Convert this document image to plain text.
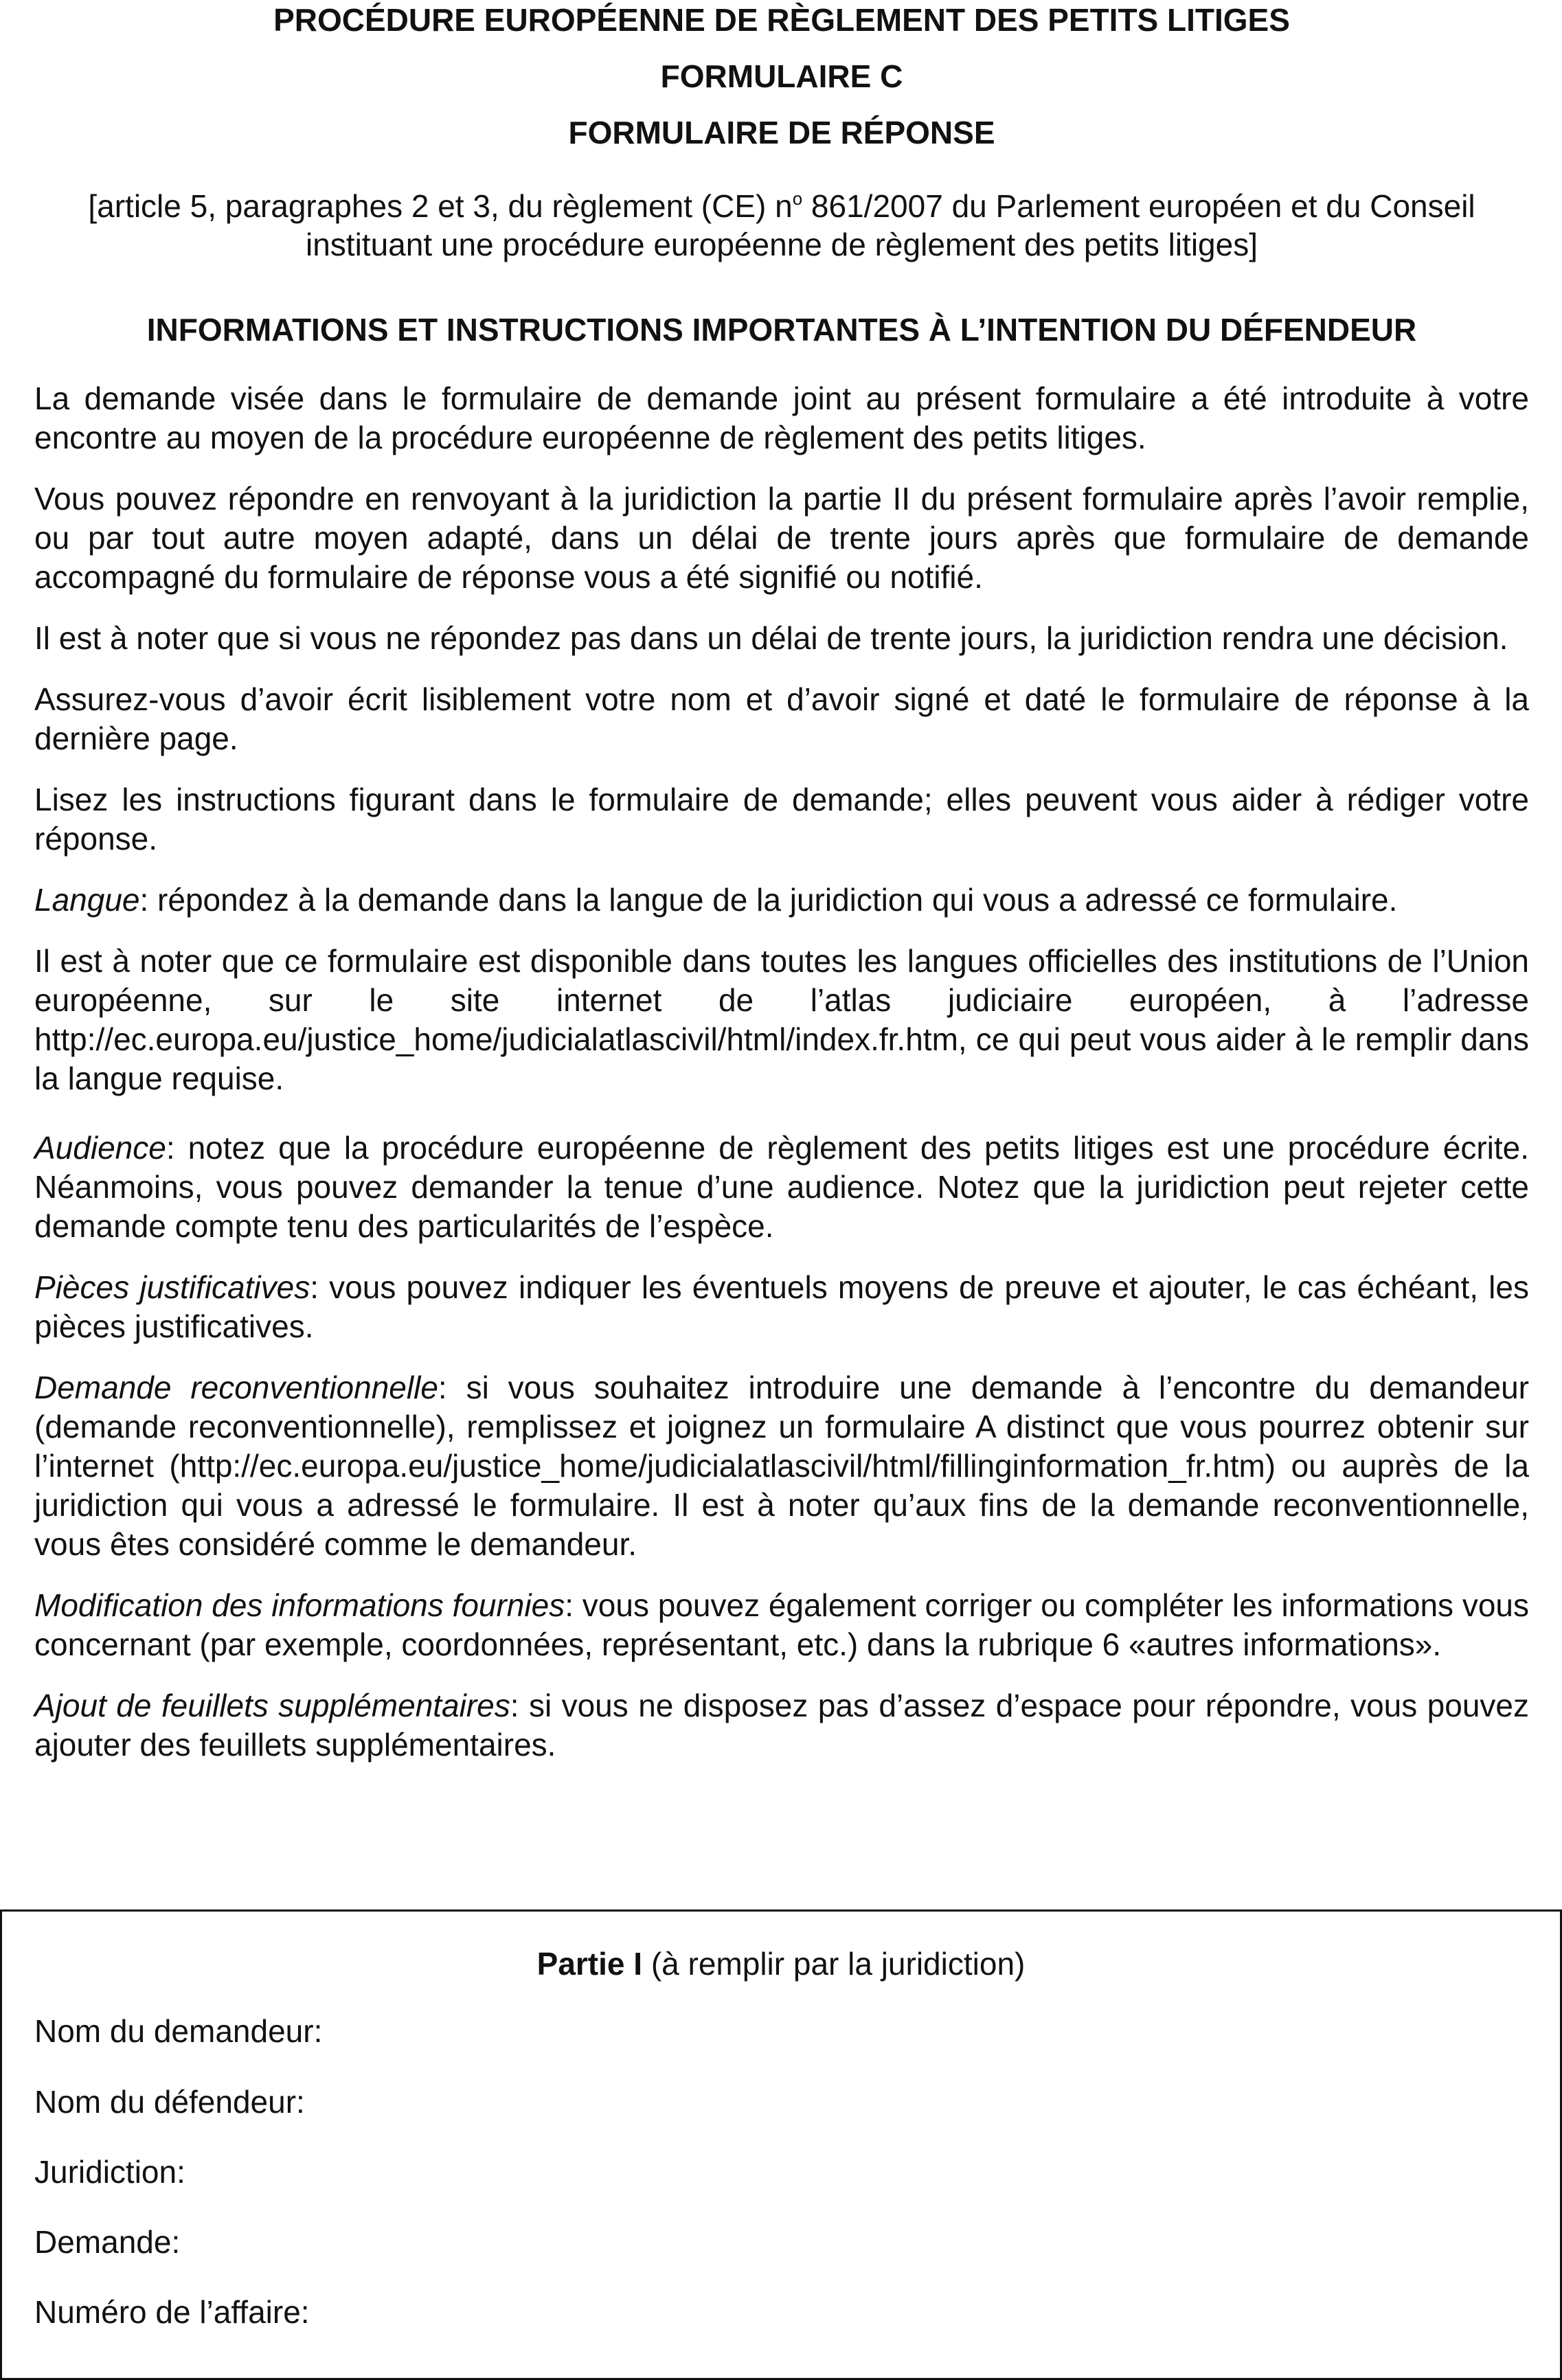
PROCÉDURE EUROPÉENNE DE RÈGLEMENT DES PETITS LITIGES
FORMULAIRE C
FORMULAIRE DE RÉPONSE

[article 5, paragraphes 2 et 3, du règlement (CE) $n^o$ 861/2007 du Parlement européen et du Conseil instituant une procédure européenne de règlement des petits litiges]

INFORMATIONS ET INSTRUCTIONS IMPORTANTES À L’INTENTION DU DÉFENDEUR

La demande visée dans le formulaire de demande joint au présent formulaire a été introduite à votre encontre au moyen de la procédure européenne de règlement des petits litiges.

Vous pouvez répondre en renvoyant à la juridiction la partie II du présent formulaire après l’avoir remplie, ou par tout autre moyen adapté, dans un délai de trente jours après que formulaire de demande accompagné du formulaire de réponse vous a été signifié ou notifié.

Il est à noter que si vous ne répondez pas dans un délai de trente jours, la juridiction rendra une décision.

Assurez-vous d’avoir écrit lisiblement votre nom et d’avoir signé et daté le formulaire de réponse à la dernière page.

Lisez les instructions figurant dans le formulaire de demande; elles peuvent vous aider à rédiger votre réponse.

Langue: répondez à la demande dans la langue de la juridiction qui vous a adressé ce formulaire.

Il est à noter que ce formulaire est disponible dans toutes les langues officielles des institutions de l’Union européenne, sur le site internet de l’atlas judiciaire européen, à l’adresse http://ec.europa.eu/justice_home/judicialatlascivil/html/index.fr.htm, ce qui peut vous aider à le remplir dans la langue requise.

Audience: notez que la procédure européenne de règlement des petits litiges est une procédure écrite. Néanmoins, vous pouvez demander la tenue d’une audience. Notez que la juridiction peut rejeter cette demande compte tenu des particularités de l’espèce.

Pièces justificatives: vous pouvez indiquer les éventuels moyens de preuve et ajouter, le cas échéant, les pièces justificatives.

Demande reconventionnelle: si vous souhaitez introduire une demande à l’encontre du demandeur (demande reconventionnelle), remplissez et joignez un formulaire A distinct que vous pourrez obtenir sur l’internet (http://ec.europa.eu/justice_home/judicialatlascivil/html/fillinginformation_fr.htm) ou auprès de la juridiction qui vous a adressé le formulaire. Il est à noter qu’aux fins de la demande reconventionnelle, vous êtes considéré comme le demandeur.

Modification des informations fournies: vous pouvez également corriger ou compléter les informations vous concernant (par exemple, coordonnées, représentant, etc.) dans la rubrique 6 «autres informations».

Ajout de feuillets supplémentaires: si vous ne disposez pas d’assez d’espace pour répondre, vous pouvez ajouter des feuillets supplémentaires.

Partie I (à remplir par la juridiction)
Nom du demandeur:
Nom du défendeur:
Juridiction:
Demande:
Numéro de l’affaire:
